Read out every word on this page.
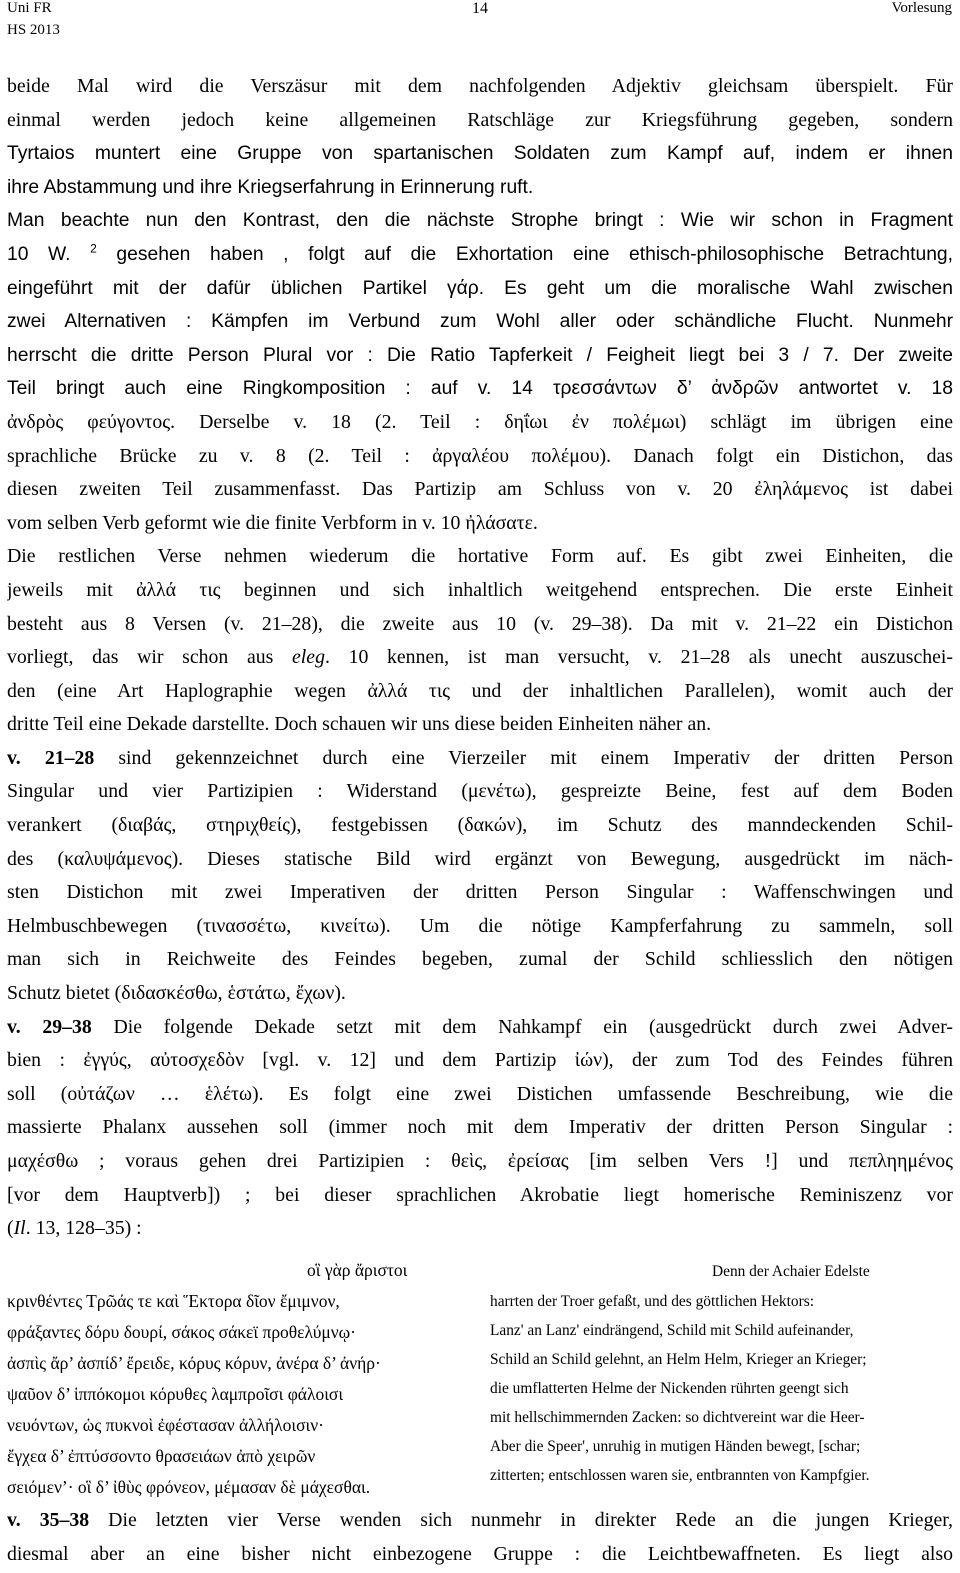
Uni FR
HS 2013
14	Vorlesung
beide Mal wird die Verszäsur mit dem nachfolgenden Adjektiv gleichsam überspielt. Für
einmal werden jedoch keine allgemeinen Ratschläge zur Kriegsführung gegeben, sondern
Tyrtaios muntert eine Gruppe von spartanischen Soldaten zum Kampf auf, indem er ihnen
ihre Abstammung und ihre Kriegserfahrung in Erinnerung ruft.
Man beachte nun den Kontrast, den die nächste Strophe bringt : Wie wir schon in Fragment
10 W. $^2$ gesehen haben , folgt auf die Exhortation eine ethisch-philosophische Betrachtung,
eingeführt mit der dafür üblichen Partikel γάρ. Es geht um die moralische Wahl zwischen
zwei Alternativen : Kämpfen im Verbund zum Wohl aller oder schändliche Flucht. Nunmehr
herrscht die dritte Person Plural vor : Die Ratio Tapferkeit / Feigheit liegt bei 3 / 7. Der zweite
Teil bringt auch eine Ringkomposition : auf v. 14 τρεσσάντων δ’ ἀνδρῶν antwortet v. 18
ἀνδρὸς φεύγοντος. Derselbe v. 18 (2. Teil : δηΐωι ἐν πολέμωι) schlägt im übrigen eine
sprachliche Brücke zu v. 8 (2. Teil : ἀργαλέου πολέμου). Danach folgt ein Distichon, das
diesen zweiten Teil zusammenfasst. Das Partizip am Schluss von v. 20 ἐληλάμενος ist dabei
vom selben Verb geformt wie die finite Verbform in v. 10 ἠλάσατε.
Die restlichen Verse nehmen wiederum die hortative Form auf. Es gibt zwei Einheiten, die
jeweils mit ἀλλά τις beginnen und sich inhaltlich weitgehend entsprechen. Die erste Einheit
besteht aus 8 Versen (v. 21–28), die zweite aus 10 (v. 29–38). Da mit v. 21–22 ein Distichon
vorliegt, das wir schon aus eleg. 10 kennen, ist man versucht, v. 21–28 als unecht auszuschei-
den (eine Art Haplographie wegen ἀλλά τις und der inhaltlichen Parallelen), womit auch der
dritte Teil eine Dekade darstellte. Doch schauen wir uns diese beiden Einheiten näher an.
v. 21–28 sind gekennzeichnet durch eine Vierzeiler mit einem Imperativ der dritten Person
Singular und vier Partizipien : Widerstand (μενέτω), gespreizte Beine, fest auf dem Boden
verankert (διαβάς, στηριχθείς), festgebissen (δακών), im Schutz des manndeckenden Schil-
des (καλυψάμενος). Dieses statische Bild wird ergänzt von Bewegung, ausgedrückt im näch-
sten Distichon mit zwei Imperativen der dritten Person Singular : Waffenschwingen und
Helmbuschbewegen (τινασσέτω, κινείτω). Um die nötige Kampferfahrung zu sammeln, soll
man sich in Reichweite des Feindes begeben, zumal der Schild schliesslich den nötigen
Schutz bietet (διδασκέσθω, ἑστάτω, ἔχων).
v. 29–38 Die folgende Dekade setzt mit dem Nahkampf ein (ausgedrückt durch zwei Adver-
bien : ἐγγύς, αὐτοσχεδὸν [vgl. v. 12] und dem Partizip ἰών), der zum Tod des Feindes führen
soll (οὐτάζων … ἑλέτω). Es folgt eine zwei Distichen umfassende Beschreibung, wie die
massierte Phalanx aussehen soll (immer noch mit dem Imperativ der dritten Person Singular :
μαχέσθω ; voraus gehen drei Partizipien : θεὶς, ἐρείσας [im selben Vers !] und πεπληημένος
[vor dem Hauptverb]) ; bei dieser sprachlichen Akrobatie liegt homerische Reminiszenz vor
(Il. 13, 128–35) :
οἳ γὰρ ἄριστοι
κρινθέντες Τρῶάς τε καὶ Ἕκτορα δῖον ἔμιμνον,
φράξαντες δόρυ δουρί, σάκος σάκεϊ προθελύμνῳ·
ἀσπὶς ἄρ’ ἀσπίδ’ ἔρειδε, κόρυς κόρυν, ἀνέρα δ’ ἀνήρ·
ψαῦον δ’ ἱππόκομοι κόρυθες λαμπροῖσι φάλοισι
νευόντων, ὡς πυκνοὶ ἐφέστασαν ἀλλήλοισιν·
ἔγχεα δ’ ἐπτύσσοντο θρασειάων ἀπὸ χειρῶν
σειόμεν’· οἳ δ’ ἰθὺς φρόνεον, μέμασαν δὲ μάχεσθαι.
Denn der Achaier Edelste
harrten der Troer gefaßt, und des göttlichen Hektors:
Lanz' an Lanz' eindrängend, Schild mit Schild aufeinander,
Schild an Schild gelehnt, an Helm Helm, Krieger an Krieger;
die umflatterten Helme der Nickenden rührten geengt sich
mit hellschimmernden Zacken: so dichtvereint war die Heer-
Aber die Speer', unruhig in mutigen Händen bewegt, [schar;
zitterten; entschlossen waren sie, entbrannten von Kampfgier.
v. 35–38 Die letzten vier Verse wenden sich nunmehr in direkter Rede an die jungen Krieger,
diesmal aber an eine bisher nicht einbezogene Gruppe : die Leichtbewaffneten. Es liegt also
